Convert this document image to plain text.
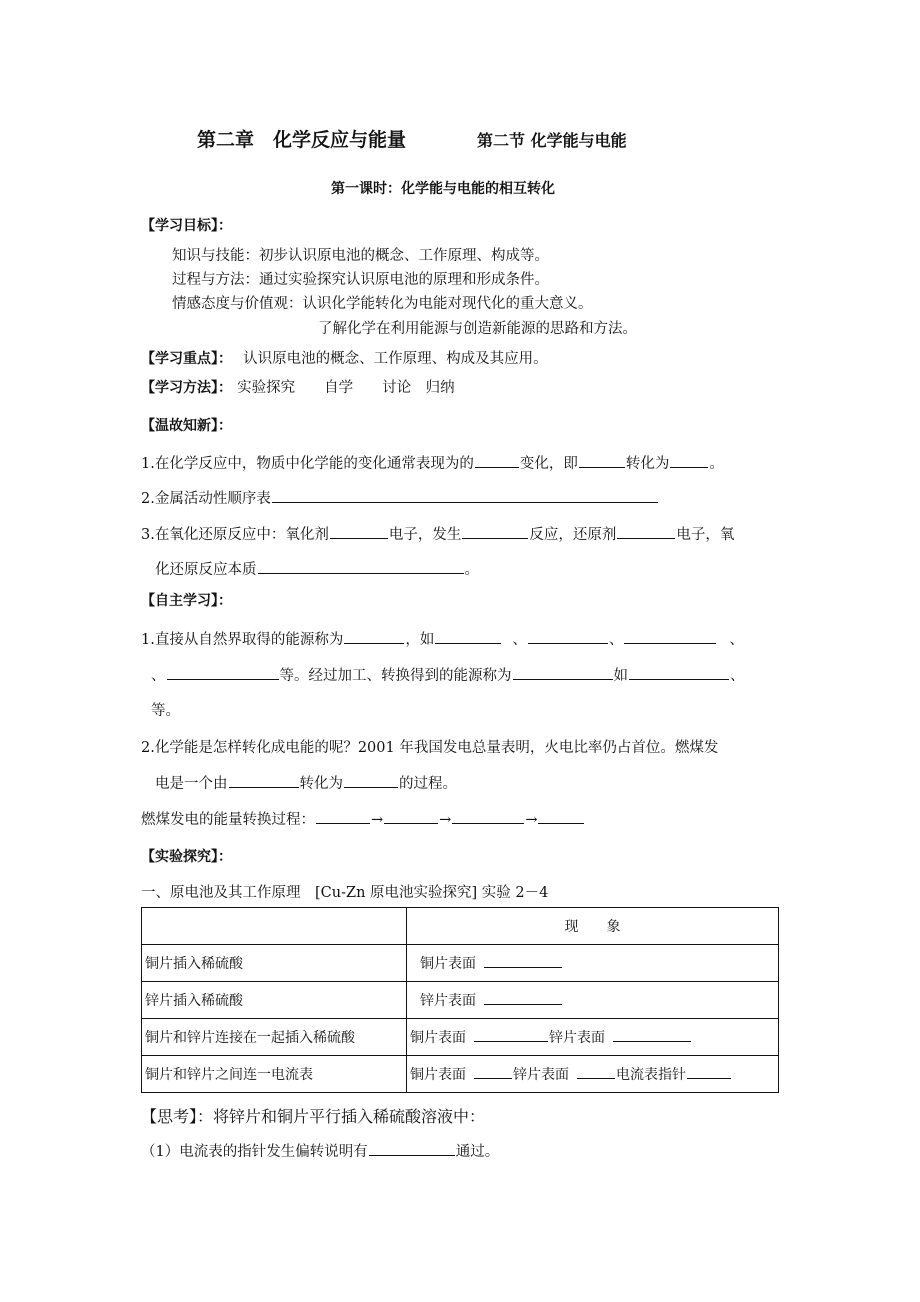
第二章　化学反应与能量	第二节 化学能与电能
第一课时：化学能与电能的相互转化
【学习目标】：
知识与技能：初步认识原电池的概念、工作原理、构成等。
过程与方法：通过实验探究认识原电池的原理和形成条件。
情感态度与价值观：认识化学能转化为电能对现代化的重大意义。
了解化学在利用能源与创造新能源的思路和方法。
【学习重点】： 认识原电池的概念、工作原理、构成及其应用。
【学习方法】： 实验探究　　自学　　讨论　归纳
【温故知新】：
1.在化学反应中，物质中化学能的变化通常表现为的	变化，即	转化为	。
2.金属活动性顺序表
3.在氧化还原反应中：氧化剂	电子，发生	反应，还原剂	电子，氧
化还原反应本质	。
【自主学习】：
1.直接从自然界取得的能源称为	，如	、	、	、
、	等。经过加工、转换得到的能源称为	如	、
等。
2.化学能是怎样转化成电能的呢？2001 年我国发电总量表明，火电比率仍占首位。燃煤发
电是一个由	转化为	的过程。
燃煤发电的能量转换过程：	→	→	→
【实验探究】：
一、原电池及其工作原理　[Cu-Zn 原电池实验探究] 实验 2－4
	现　　象
铜片插入稀硫酸	铜片表面
锌片插入稀硫酸	锌片表面
铜片和锌片连接在一起插入稀硫酸	铜片表面 锌片表面
铜片和锌片之间连一电流表	铜片表面 锌片表面 电流表指针
【思考】：将锌片和铜片平行插入稀硫酸溶液中：
（1）电流表的指针发生偏转说明有	通过。
